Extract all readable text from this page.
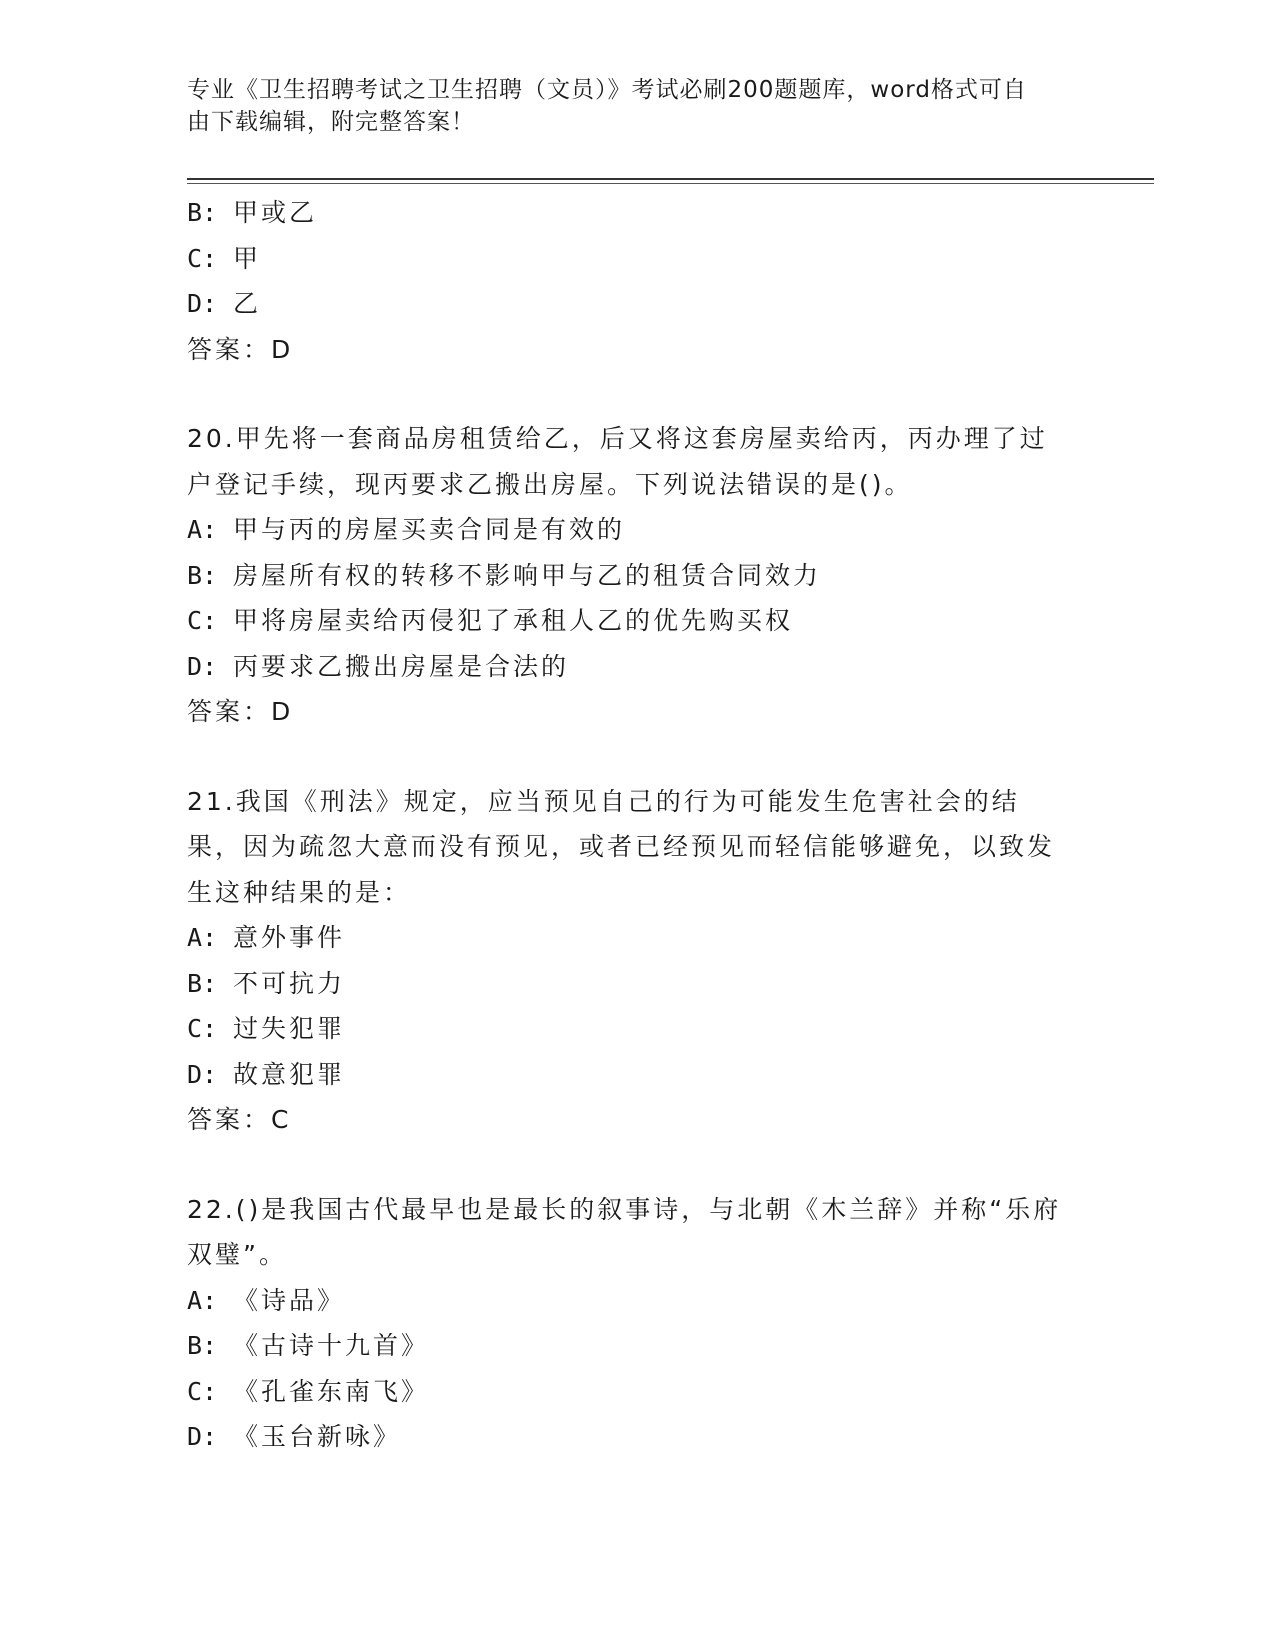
专业《卫生招聘考试之卫生招聘（文员）》考试必刷200题题库，word格式可自
由下载编辑，附完整答案！
B: 甲或乙
C: 甲
D: 乙
答案：D
20.甲先将一套商品房租赁给乙，后又将这套房屋卖给丙，丙办理了过户登记手续，现丙要求乙搬出房屋。下列说法错误的是()。
A: 甲与丙的房屋买卖合同是有效的
B: 房屋所有权的转移不影响甲与乙的租赁合同效力
C: 甲将房屋卖给丙侵犯了承租人乙的优先购买权
D: 丙要求乙搬出房屋是合法的
答案：D
21.我国《刑法》规定，应当预见自己的行为可能发生危害社会的结果，因为疏忽大意而没有预见，或者已经预见而轻信能够避免，以致发生这种结果的是：
A: 意外事件
B: 不可抗力
C: 过失犯罪
D: 故意犯罪
答案：C
22.()是我国古代最早也是最长的叙事诗，与北朝《木兰辞》并称“乐府双璧”。
A: 《诗品》
B: 《古诗十九首》
C: 《孔雀东南飞》
D: 《玉台新咏》
